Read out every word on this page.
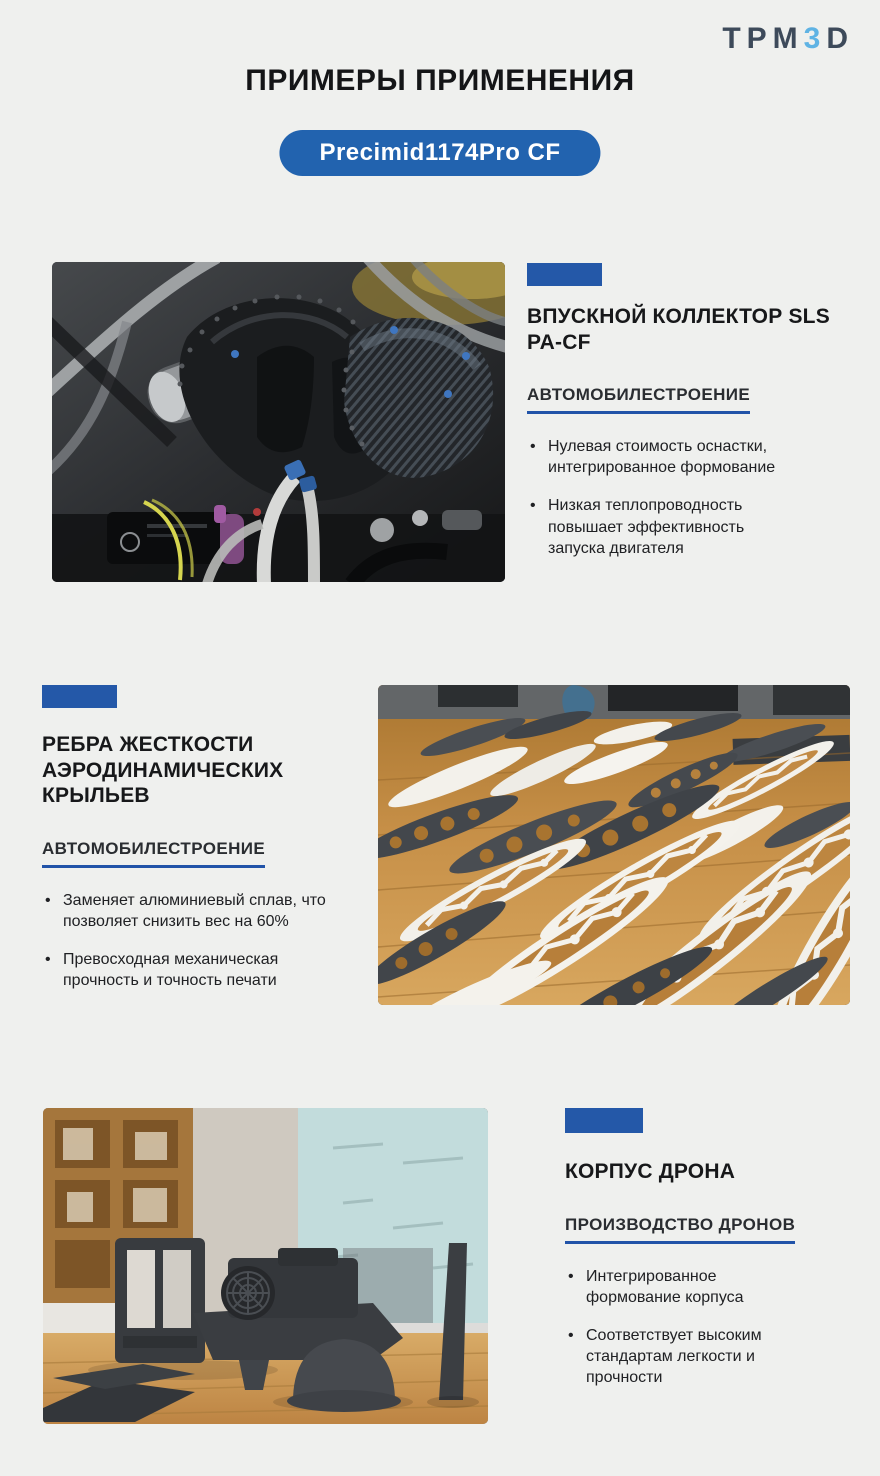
TPM3D
ПРИМЕРЫ ПРИМЕНЕНИЯ
Precimid1174Pro CF
ВПУСКНОЙ КОЛЛЕКТОР SLS PA-CF
АВТОМОБИЛЕСТРОЕНИЕ
• Нулевая стоимость оснастки, интегрированное формование
• Низкая теплопроводность повышает эффективность запуска двигателя
РЕБРА ЖЕСТКОСТИ АЭРОДИНАМИЧЕСКИХ КРЫЛЬЕВ
АВТОМОБИЛЕСТРОЕНИЕ
• Заменяет алюминиевый сплав, что позволяет снизить вес на 60%
• Превосходная механическая прочность и точность печати
КОРПУС ДРОНА
ПРОИЗВОДСТВО ДРОНОВ
• Интегрированное формование корпуса
• Соответствует высоким стандартам легкости и прочности
